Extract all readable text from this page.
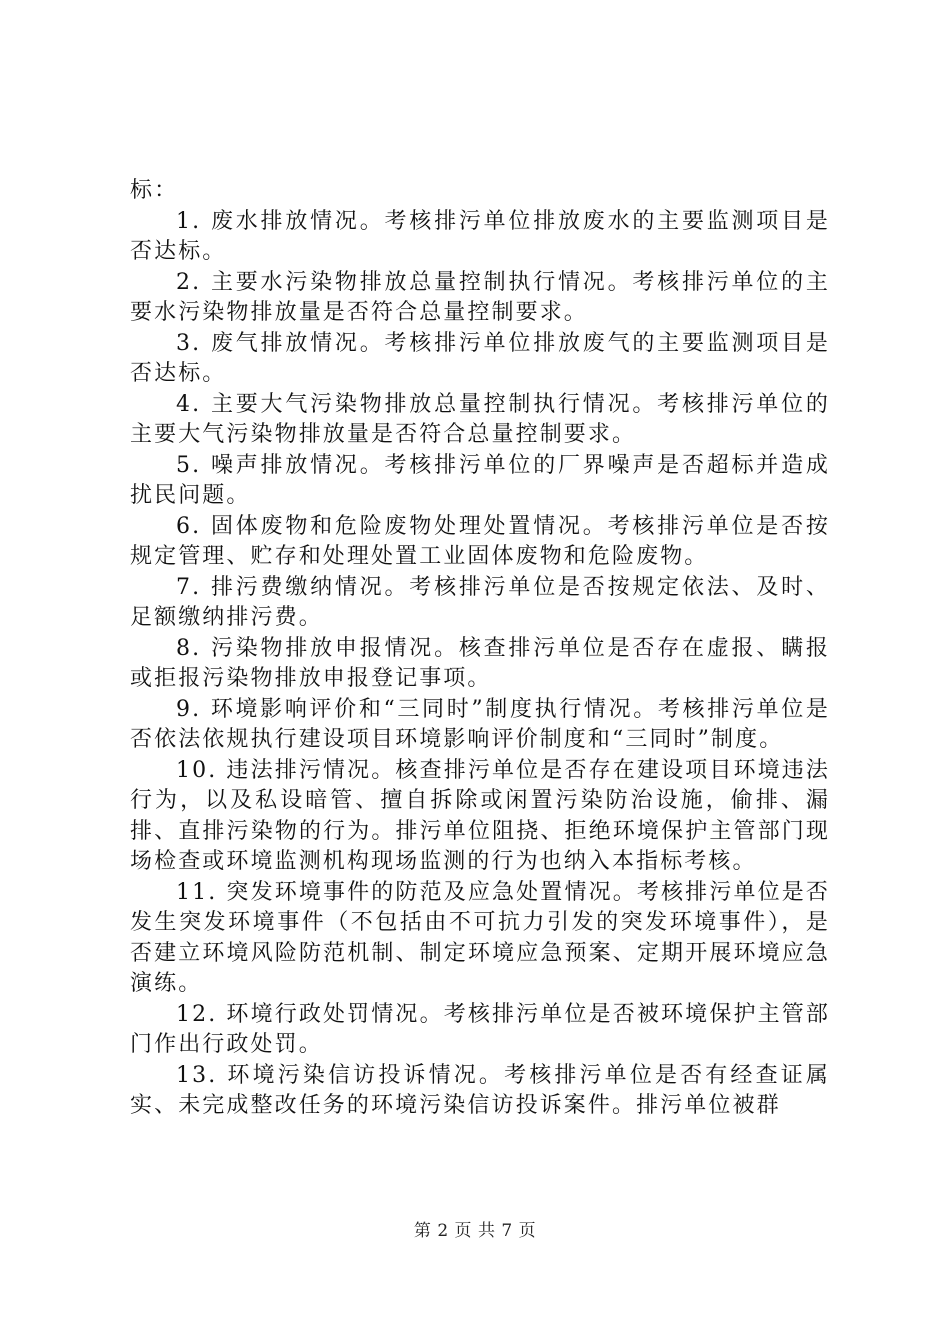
标：

1. 废水排放情况。考核排污单位排放废水的主要监测项目是否达标。

2. 主要水污染物排放总量控制执行情况。考核排污单位的主要水污染物排放量是否符合总量控制要求。

3. 废气排放情况。考核排污单位排放废气的主要监测项目是否达标。

4. 主要大气污染物排放总量控制执行情况。考核排污单位的主要大气污染物排放量是否符合总量控制要求。

5. 噪声排放情况。考核排污单位的厂界噪声是否超标并造成扰民问题。

6. 固体废物和危险废物处理处置情况。考核排污单位是否按规定管理、贮存和处理处置工业固体废物和危险废物。

7. 排污费缴纳情况。考核排污单位是否按规定依法、及时、足额缴纳排污费。

8. 污染物排放申报情况。核查排污单位是否存在虚报、瞒报或拒报污染物排放申报登记事项。

9. 环境影响评价和“三同时”制度执行情况。考核排污单位是否依法依规执行建设项目环境影响评价制度和“三同时”制度。

10. 违法排污情况。核查排污单位是否存在建设项目环境违法行为，以及私设暗管、擅自拆除或闲置污染防治设施，偷排、漏排、直排污染物的行为。排污单位阻挠、拒绝环境保护主管部门现场检查或环境监测机构现场监测的行为也纳入本指标考核。

11. 突发环境事件的防范及应急处置情况。考核排污单位是否发生突发环境事件（不包括由不可抗力引发的突发环境事件），是否建立环境风险防范机制、制定环境应急预案、定期开展环境应急演练。

12. 环境行政处罚情况。考核排污单位是否被环境保护主管部门作出行政处罚。

13. 环境污染信访投诉情况。考核排污单位是否有经查证属实、未完成整改任务的环境污染信访投诉案件。排污单位被群

第 2 页 共 7 页
